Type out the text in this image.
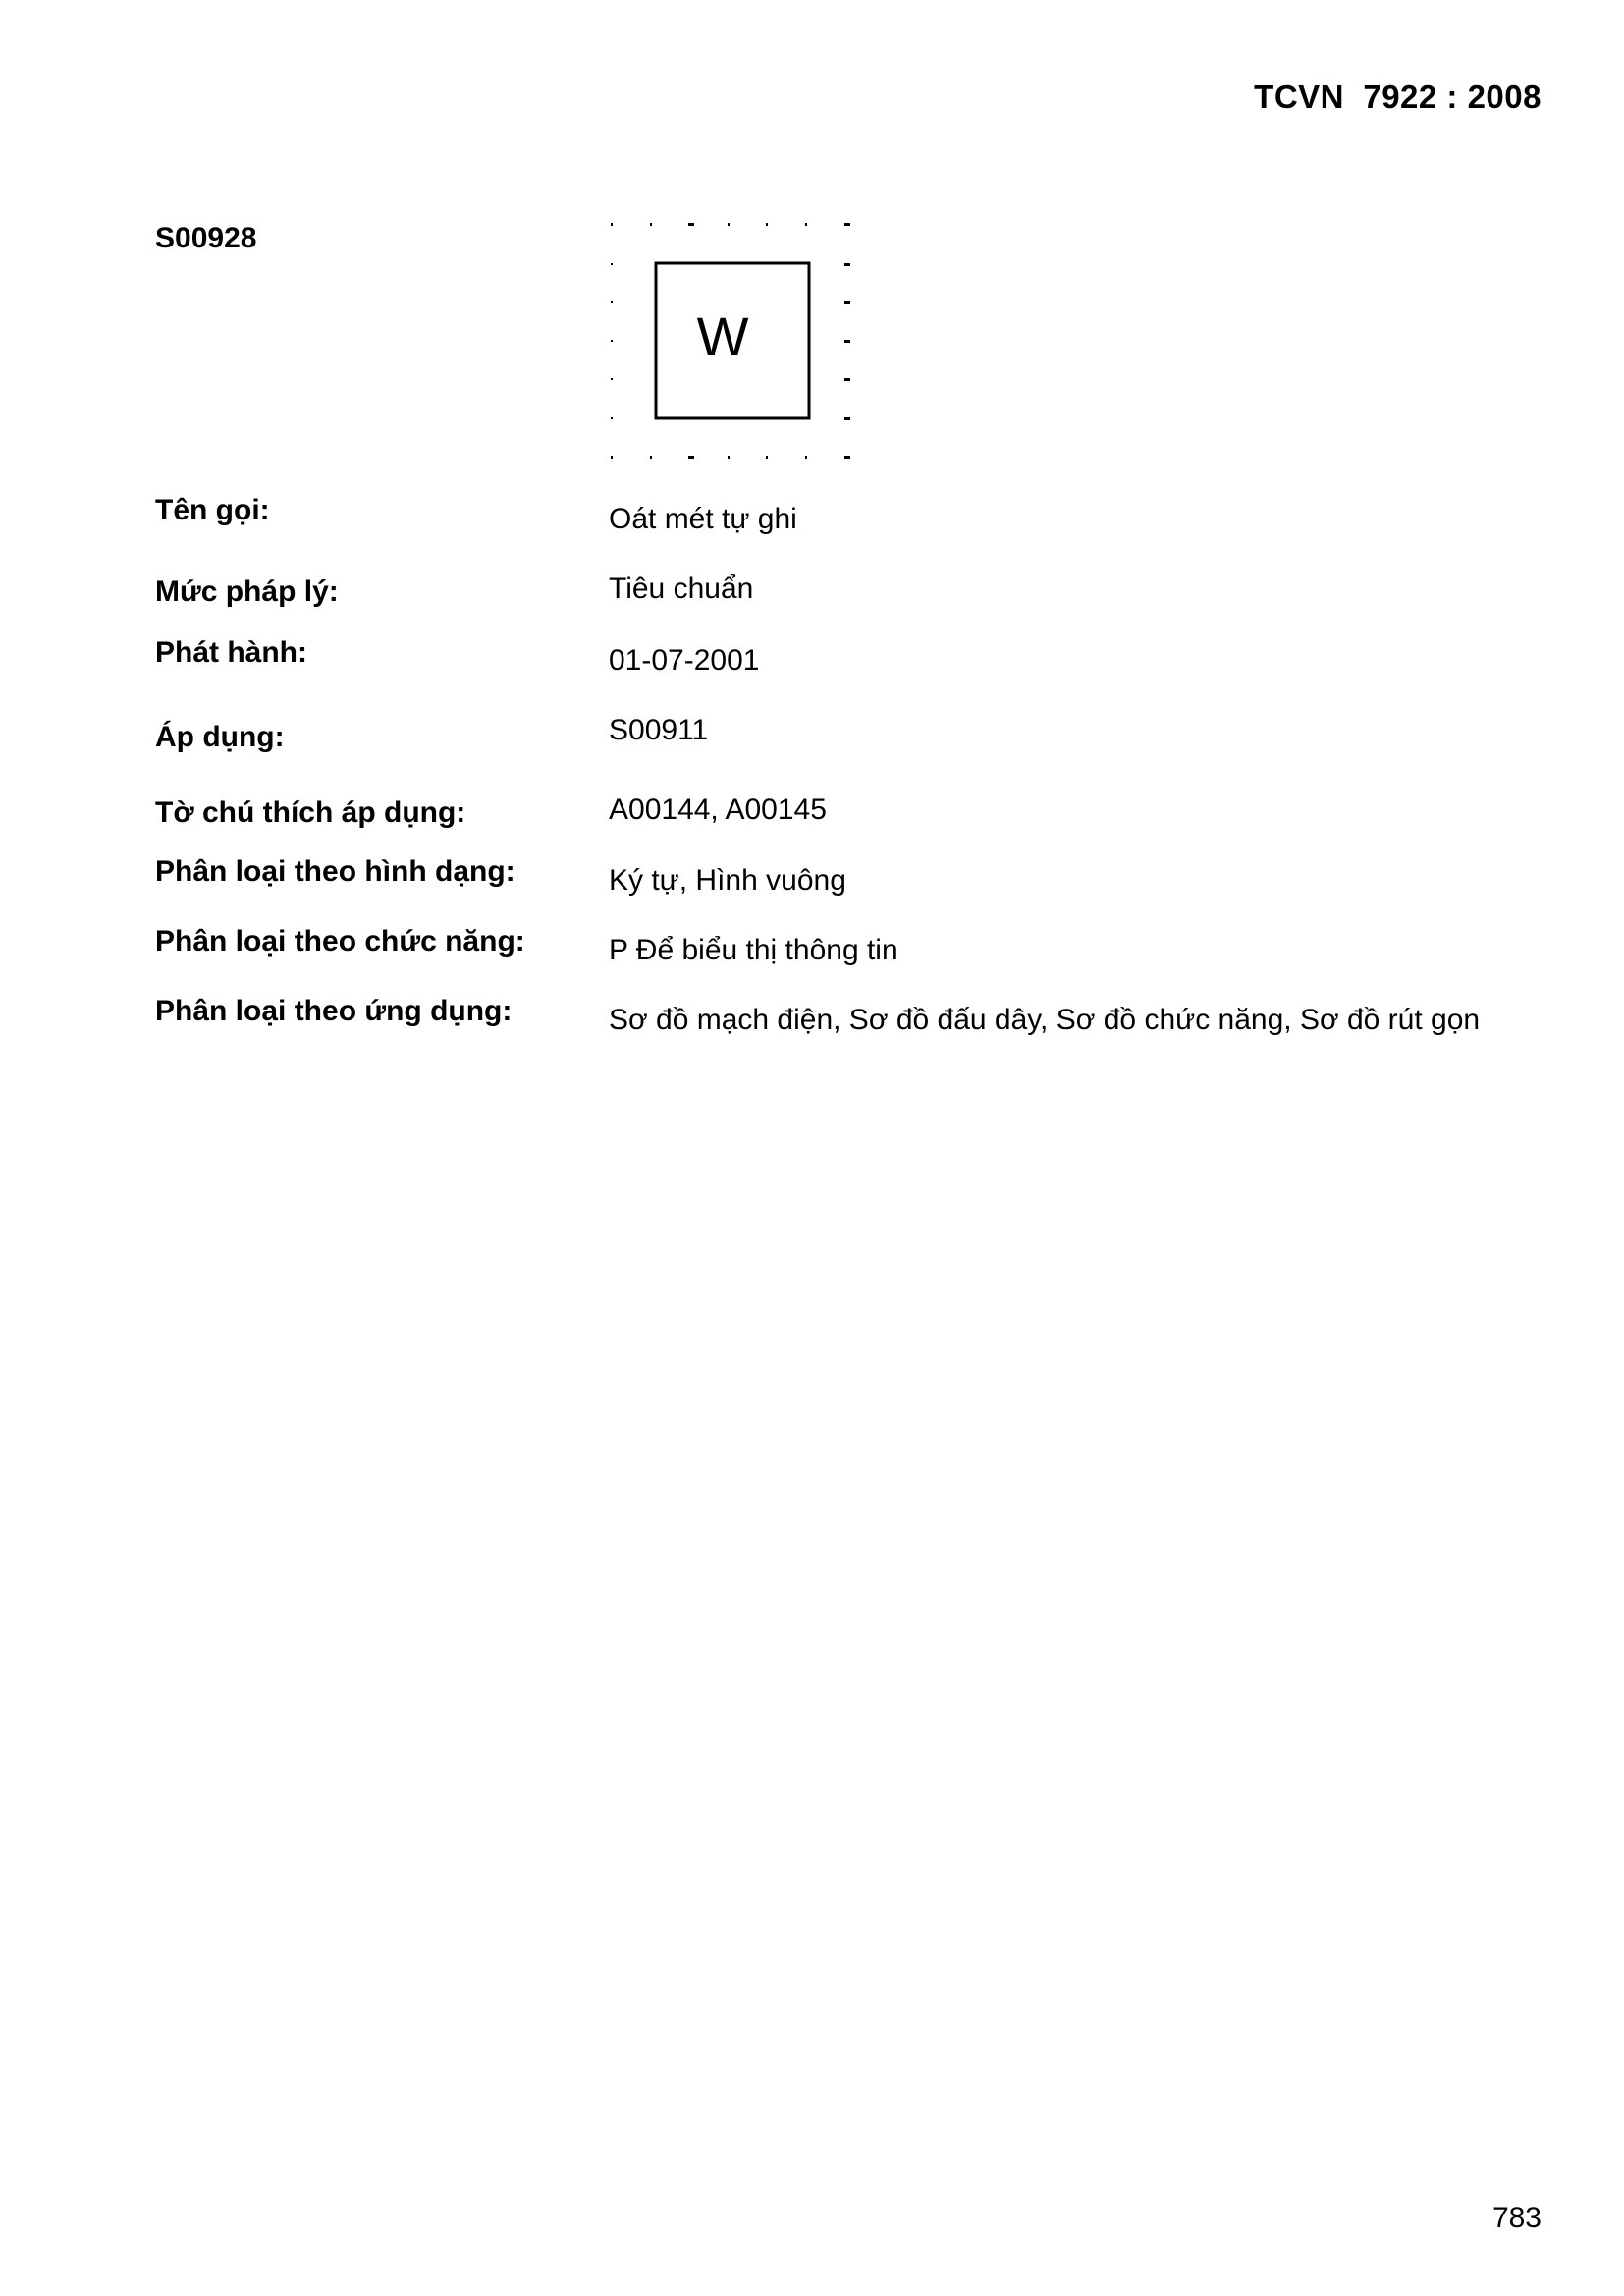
TCVN  7922 : 2008
S00928
W
Tên gọi:	Oát mét tự ghi
Mức pháp lý:	Tiêu chuẩn
Phát hành:	01-07-2001
Áp dụng:	S00911
Tờ chú thích áp dụng:	A00144, A00145
Phân loại theo hình dạng:	Ký tự, Hình vuông
Phân loại theo chức năng:	P Để biểu thị thông tin
Phân loại theo ứng dụng:	Sơ đồ mạch điện, Sơ đồ đấu dây, Sơ đồ chức năng, Sơ đồ rút gọn
783
